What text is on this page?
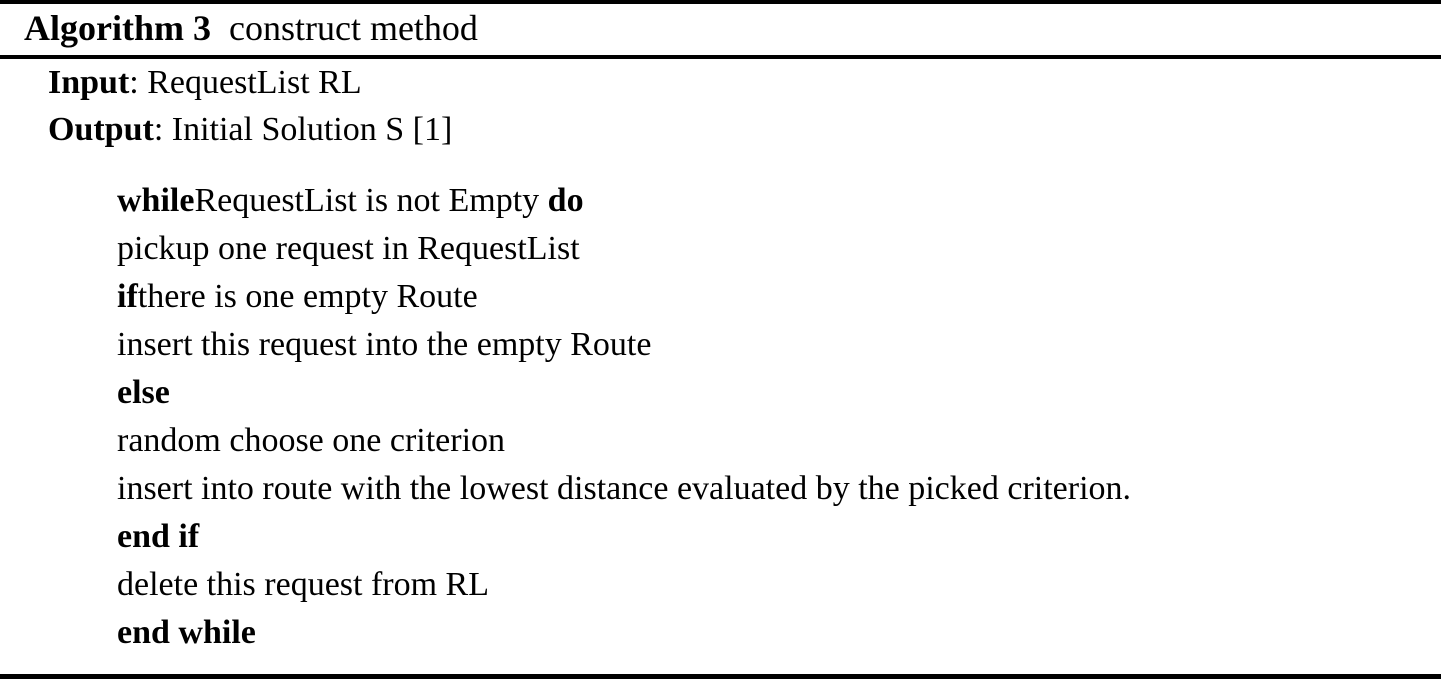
Algorithm 3 construct method
Input: RequestList RL
Output: Initial Solution S [1]
whileRequestList is not Empty do
pickup one request in RequestList
ifthere is one empty Route
insert this request into the empty Route
else
random choose one criterion
insert into route with the lowest distance evaluated by the picked criterion.
end if
delete this request from RL
end while
